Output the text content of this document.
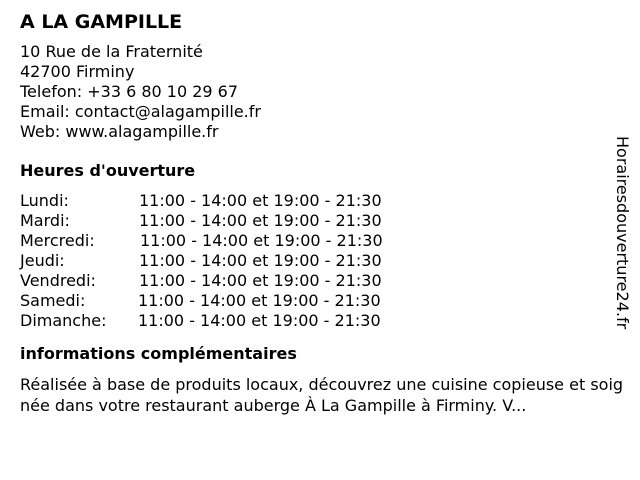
A LA GAMPILLE
10 Rue de la Fraternité
42700 Firminy
Telefon: +33 6 80 10 29 67
Email: contact@alagampille.fr
Web: www.alagampille.fr
Heures d'ouverture
Lundi:	11:00 - 14:00 et 19:00 - 21:30
Mardi:	11:00 - 14:00 et 19:00 - 21:30
Mercredi:	11:00 - 14:00 et 19:00 - 21:30
Jeudi:	11:00 - 14:00 et 19:00 - 21:30
Vendredi:	11:00 - 14:00 et 19:00 - 21:30
Samedi:	11:00 - 14:00 et 19:00 - 21:30
Dimanche: 11:00 - 14:00 et 19:00 - 21:30
informations complémentaires
Réalisée à base de produits locaux, découvrez une cuisine copieuse et soignée dans votre restaurant auberge À La Gampille à Firminy. V...
Horairesdouverture24.fr
